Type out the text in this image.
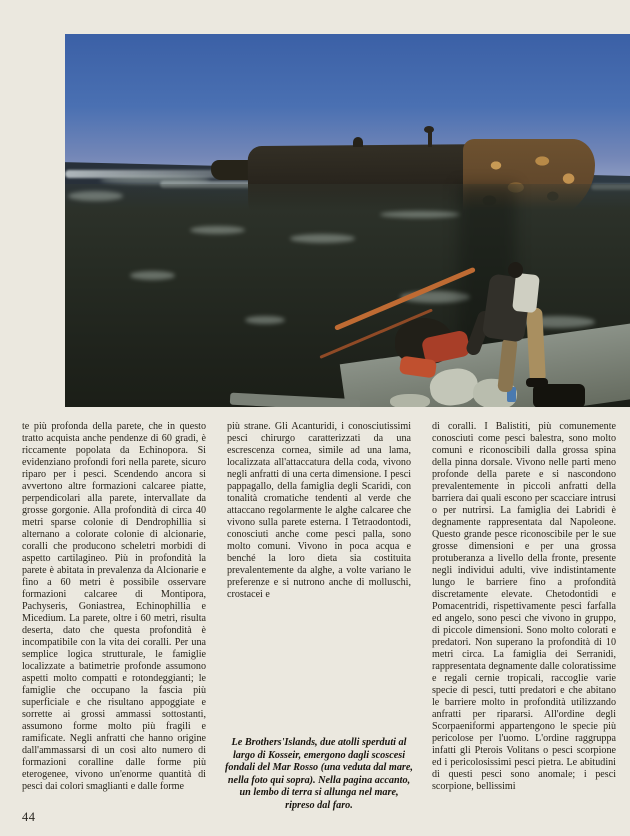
te più profonda della parete, che in questo tratto acquista anche pendenze di 60 gradi, è riccamente popolata da Echinopora. Si evidenziano profondi fori nella parete, sicuro riparo per i pesci. Scendendo ancora si avvertono altre formazioni calcaree piatte, perpendicolari alla parete, intervallate da grosse gorgonie. Alla profondità di circa 40 metri sparse colonie di Dendrophillia si alternano a colorate colonie di alcionarie, coralli che producono scheletri morbidi di aspetto cartilagineo. Più in profondità la parete è abitata in prevalenza da Alcionarie e fino a 60 metri è possibile osservare formazioni calcaree di Montipora, Pachyseris, Goniastrea, Echinophillia e Micedium. La parete, oltre i 60 metri, risulta deserta, dato che questa profondità è incompatibile con la vita dei coralli. Per una semplice logica strutturale, le famiglie localizzate a batimetrie profonde assumono aspetti molto compatti e rotondeggianti; le famiglie che occupano la fascia più superficiale e che risultano appoggiate e sorrette ai grossi ammassi sottostanti, assumono forme molto più fragili e ramificate. Negli anfratti che hanno origine dall'ammassarsi di un così alto numero di formazioni coralline dalle forme più eterogenee, vivono un'enorme quantità di pesci dai colori smaglianti e dalle forme
più strane. Gli Acanturidi, i conosciutissimi pesci chirurgo caratterizzati da una escrescenza cornea, simile ad una lama, localizzata all'attaccatura della coda, vivono negli anfratti di una certa dimensione. I pesci pappagallo, della famiglia degli Scaridi, con tonalità cromatiche tendenti al verde che attaccano regolarmente le alghe calcaree che vivono sulla parete esterna. I Tetraodontodi, conosciuti anche come pesci palla, sono molto comuni. Vivono in poca acqua e benché la loro dieta sia costituita prevalentemente da alghe, a volte variano le preferenze e si nutrono anche di molluschi, crostacei e
di coralli. I Balistiti, più comunemente conosciuti come pesci balestra, sono molto comuni e riconoscibili dalla grossa spina della pinna dorsale. Vivono nelle parti meno profonde della parete e si nascondono prevalentemente in piccoli anfratti della barriera dai quali escono per scacciare intrusi o per nutrirsi. La famiglia dei Labridi è degnamente rappresentata dal Napoleone. Questo grande pesce riconoscibile per le sue grosse dimensioni e per una grossa protuberanza a livello della fronte, presente negli individui adulti, vive indistintamente lungo le barriere fino a profondità discretamente elevate. Chetodontidi e Pomacentridi, rispettivamente pesci farfalla ed angelo, sono pesci che vivono in gruppo, di piccole dimensioni. Sono molto colorati e predatori. Non superano la profondità di 10 metri circa. La famiglia dei Serranidi, rappresentata degnamente dalle coloratissime e regali cernie tropicali, raccoglie varie specie di pesci, tutti predatori e che abitano le barriere molto in profondità utilizzando anfratti per ripararsi. All'ordine degli Scorpaeniformi appartengono le specie più pericolose per l'uomo. L'ordine raggruppa infatti gli Pterois Volitans o pesci scorpione ed i pericolosissimi pesci pietra. Le abitudini di questi pesci sono anomale; i pesci scorpione, bellissimi
Le Brothers'Islands, due atolli sperduti al largo di Kosseir, emergono dagli scoscesi fondali del Mar Rosso (una veduta dal mare, nella foto qui sopra). Nella pagina accanto, un lembo di terra si allunga nel mare, ripreso dal faro.
44
